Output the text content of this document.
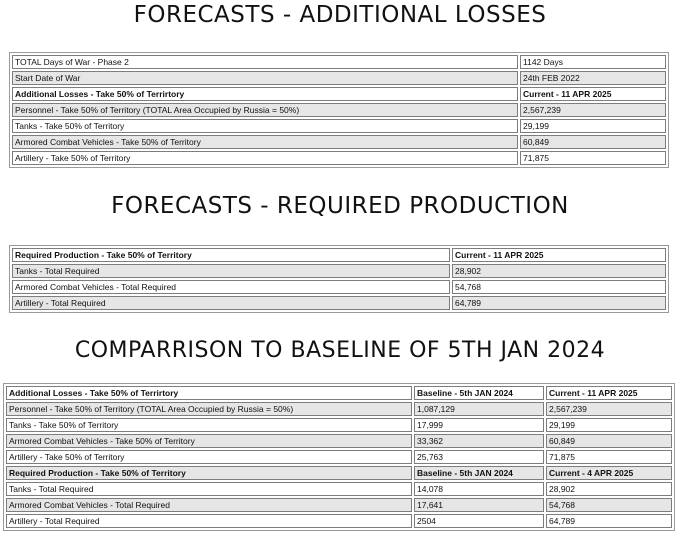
FORECASTS - ADDITIONAL LOSSES
TOTAL Days of War - Phase 2	1142 Days
Start Date of War	24th FEB 2022
Additional Losses - Take 50% of Terrirtory	Current - 11 APR 2025
Personnel - Take 50% of Territory (TOTAL Area Occupied by Russia = 50%)	2,567,239
Tanks - Take 50% of Territory	29,199
Armored Combat Vehicles - Take 50% of Territory	60,849
Artillery - Take 50% of Territory	71,875
FORECASTS - REQUIRED PRODUCTION
Required Production - Take 50% of Territory	Current - 11 APR 2025
Tanks - Total Required	28,902
Armored Combat Vehicles - Total Required	54,768
Artillery - Total Required	64,789
COMPARRISON TO BASELINE OF 5TH JAN 2024
Additional Losses - Take 50% of Terrirtory	Baseline - 5th JAN 2024	Current - 11 APR 2025
Personnel - Take 50% of Territory (TOTAL Area Occupied by Russia = 50%)	1,087,129	2,567,239
Tanks - Take 50% of Territory	17,999	29,199
Armored Combat Vehicles - Take 50% of Territory	33,362	60,849
Artillery - Take 50% of Territory	25,763	71,875
Required Production - Take 50% of Territory	Baseline - 5th JAN 2024	Current - 4 APR 2025
Tanks - Total Required	14,078	28,902
Armored Combat Vehicles - Total Required	17,641	54,768
Artillery - Total Required	2504	64,789
